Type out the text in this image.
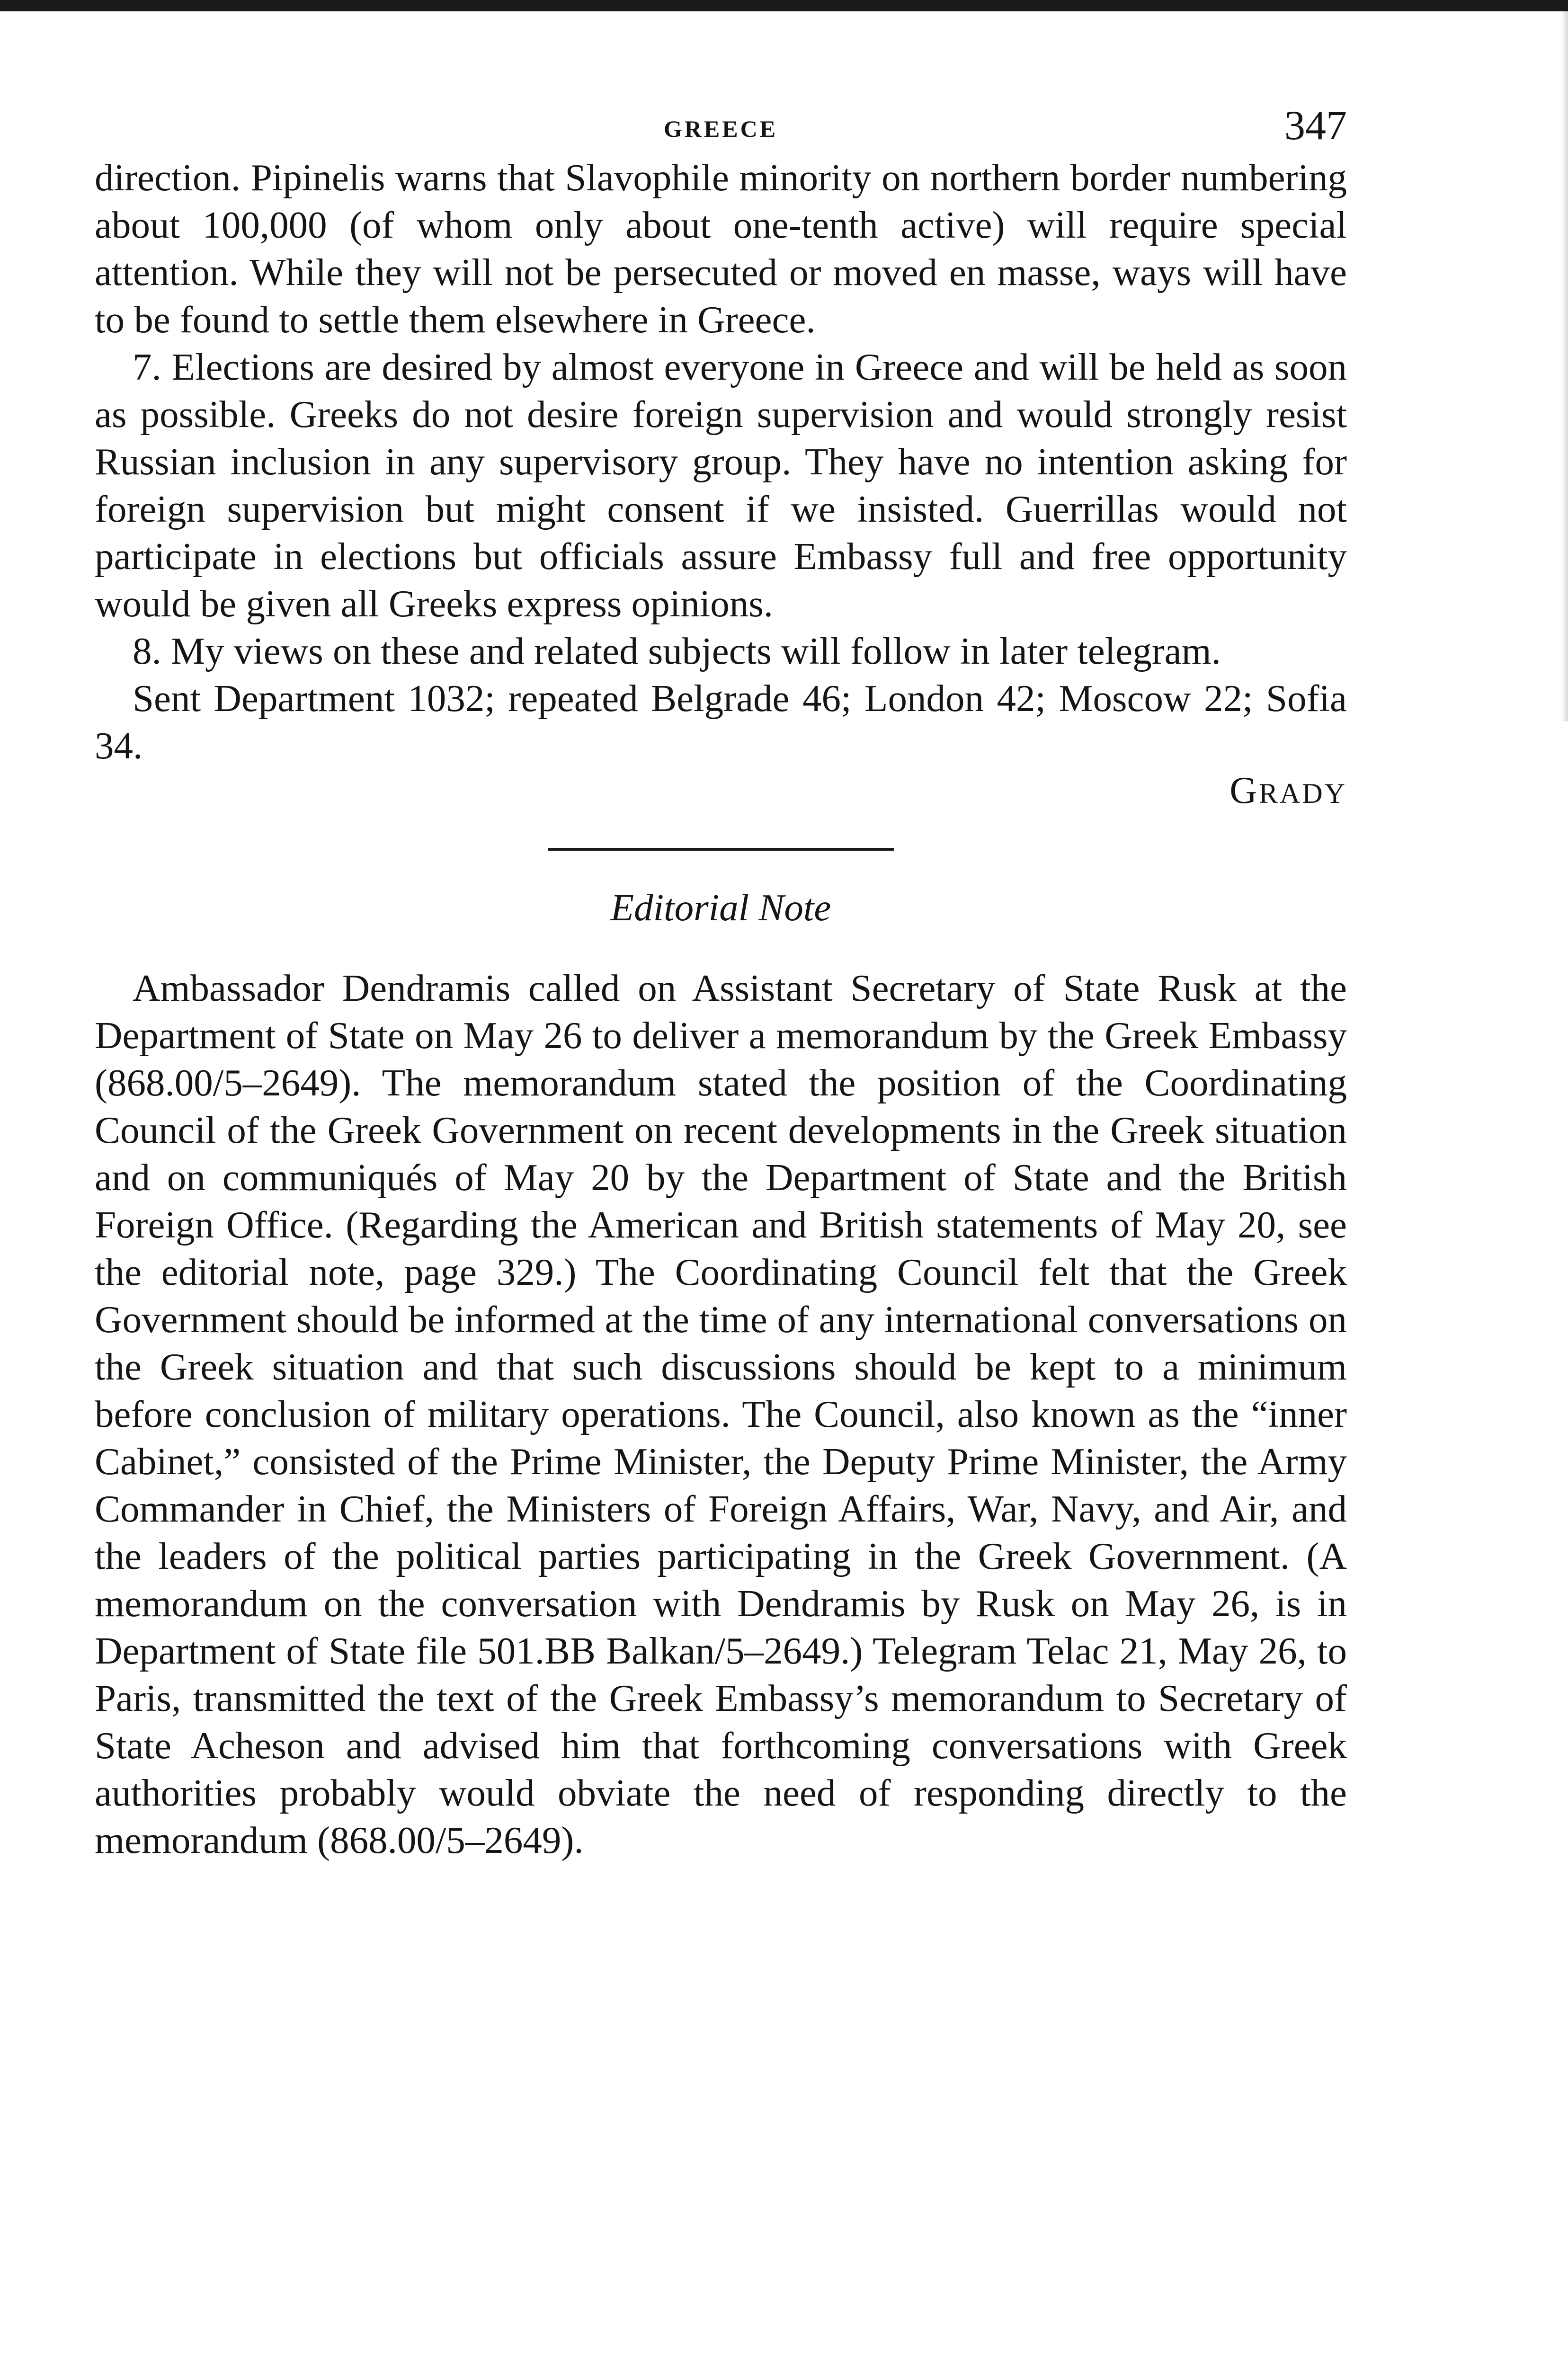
GREECE	347

direction. Pipinelis warns that Slavophile minority on northern border numbering about 100,000 (of whom only about one-tenth active) will require special attention. While they will not be persecuted or moved en masse, ways will have to be found to settle them elsewhere in Greece.

7. Elections are desired by almost everyone in Greece and will be held as soon as possible. Greeks do not desire foreign supervision and would strongly resist Russian inclusion in any supervisory group. They have no intention asking for foreign supervision but might consent if we insisted. Guerrillas would not participate in elections but officials assure Embassy full and free opportunity would be given all Greeks express opinions.

8. My views on these and related subjects will follow in later telegram.

Sent Department 1032; repeated Belgrade 46; London 42; Moscow 22; Sofia 34.

GRADY

Editorial Note

Ambassador Dendramis called on Assistant Secretary of State Rusk at the Department of State on May 26 to deliver a memorandum by the Greek Embassy (868.00/5–2649). The memorandum stated the position of the Coordinating Council of the Greek Government on recent developments in the Greek situation and on communiqués of May 20 by the Department of State and the British Foreign Office. (Regarding the American and British statements of May 20, see the editorial note, page 329.) The Coordinating Council felt that the Greek Government should be informed at the time of any international conversations on the Greek situation and that such discussions should be kept to a minimum before conclusion of military operations. The Council, also known as the “inner Cabinet,” consisted of the Prime Minister, the Deputy Prime Minister, the Army Commander in Chief, the Ministers of Foreign Affairs, War, Navy, and Air, and the leaders of the political parties participating in the Greek Government. (A memorandum on the conversation with Dendramis by Rusk on May 26, is in Department of State file 501.BB Balkan/5–2649.) Telegram Telac 21, May 26, to Paris, transmitted the text of the Greek Embassy’s memorandum to Secretary of State Acheson and advised him that forthcoming conversations with Greek authorities probably would obviate the need of responding directly to the memorandum (868.00/5–2649).
